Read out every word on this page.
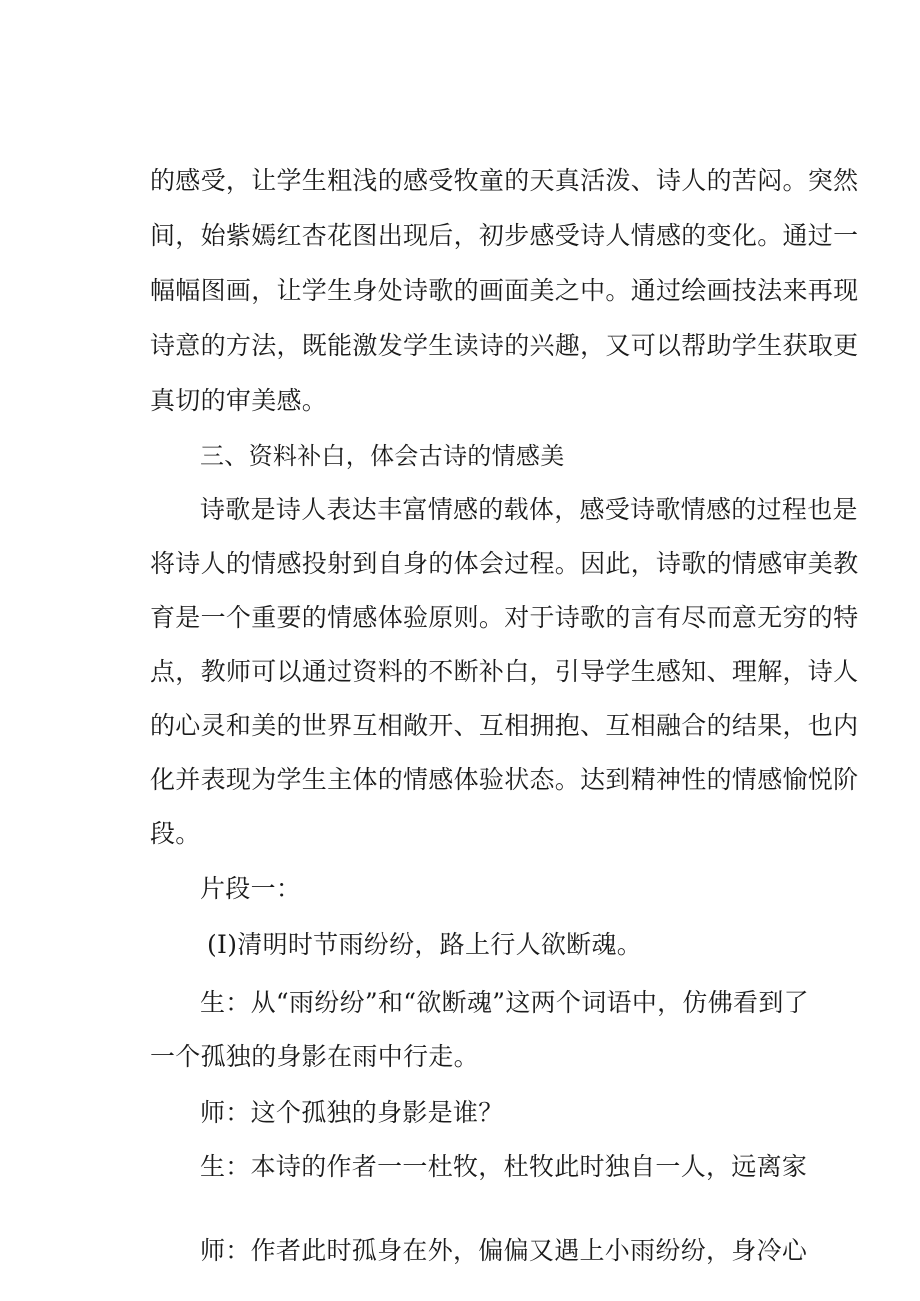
的感受，让学生粗浅的感受牧童的天真活泼、诗人的苦闷。突然
间，始紫嫣红杏花图出现后，初步感受诗人情感的变化。通过一
幅幅图画，让学生身处诗歌的画面美之中。通过绘画技法来再现
诗意的方法，既能激发学生读诗的兴趣，又可以帮助学生获取更
真切的审美感。
三、资料补白，体会古诗的情感美
诗歌是诗人表达丰富情感的载体，感受诗歌情感的过程也是
将诗人的情感投射到自身的体会过程。因此，诗歌的情感审美教
育是一个重要的情感体验原则。对于诗歌的言有尽而意无穷的特
点，教师可以通过资料的不断补白，引导学生感知、理解，诗人
的心灵和美的世界互相敞开、互相拥抱、互相融合的结果，也内
化并表现为学生主体的情感体验状态。达到精神性的情感愉悦阶
段。
片段一：
(I)清明时节雨纷纷，路上行人欲断魂。
生：从“雨纷纷”和“欲断魂”这两个词语中，仿佛看到了
一个孤独的身影在雨中行走。
师：这个孤独的身影是谁？
生：本诗的作者一一杜牧，杜牧此时独自一人，远离家
师：作者此时孤身在外，偏偏又遇上小雨纷纷，身冷心
